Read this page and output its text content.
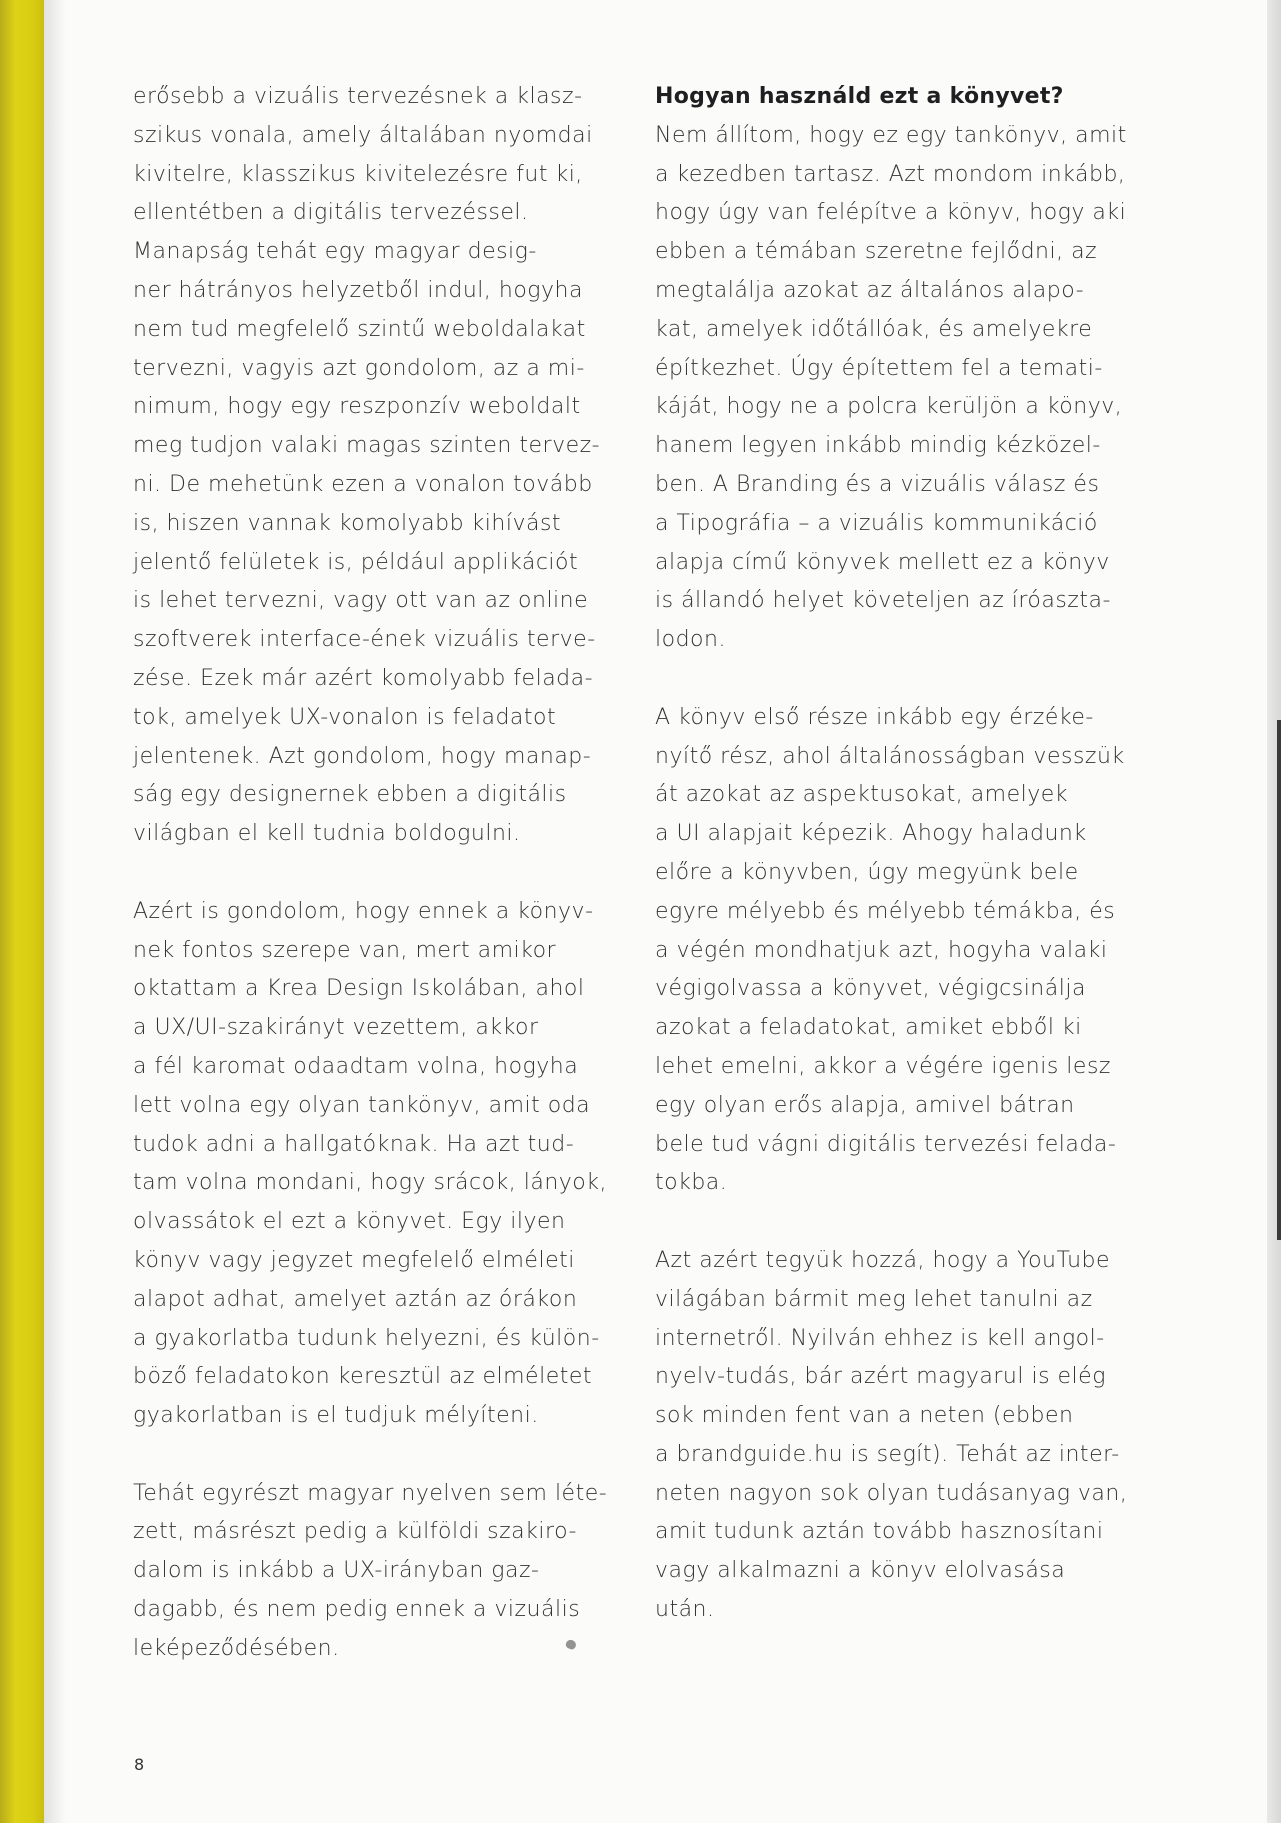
erősebb a vizuális tervezésnek a klasz-
szikus vonala, amely általában nyomdai
kivitelre, klasszikus kivitelezésre fut ki,
ellentétben a digitális tervezéssel.
Manapság tehát egy magyar desig-
ner hátrányos helyzetből indul, hogyha
nem tud megfelelő szintű weboldalakat
tervezni, vagyis azt gondolom, az a mi-
nimum, hogy egy reszponzív weboldalt
meg tudjon valaki magas szinten tervez-
ni. De mehetünk ezen a vonalon tovább
is, hiszen vannak komolyabb kihívást
jelentő felületek is, például applikációt
is lehet tervezni, vagy ott van az online
szoftverek interface-ének vizuális terve-
zése. Ezek már azért komolyabb felada-
tok, amelyek UX-vonalon is feladatot
jelentenek. Azt gondolom, hogy manap-
ság egy designernek ebben a digitális
világban el kell tudnia boldogulni.
Azért is gondolom, hogy ennek a könyv-
nek fontos szerepe van, mert amikor
oktattam a Krea Design Iskolában, ahol
a UX/UI-szakirányt vezettem, akkor
a fél karomat odaadtam volna, hogyha
lett volna egy olyan tankönyv, amit oda
tudok adni a hallgatóknak. Ha azt tud-
tam volna mondani, hogy srácok, lányok,
olvassátok el ezt a könyvet. Egy ilyen
könyv vagy jegyzet megfelelő elméleti
alapot adhat, amelyet aztán az órákon
a gyakorlatba tudunk helyezni, és külön-
böző feladatokon keresztül az elméletet
gyakorlatban is el tudjuk mélyíteni.
Tehát egyrészt magyar nyelven sem léte-
zett, másrészt pedig a külföldi szakiro-
dalom is inkább a UX-irányban gaz-
dagabb, és nem pedig ennek a vizuális
leképeződésében.
Hogyan használd ezt a könyvet?
Nem állítom, hogy ez egy tankönyv, amit
a kezedben tartasz. Azt mondom inkább,
hogy úgy van felépítve a könyv, hogy aki
ebben a témában szeretne fejlődni, az
megtalálja azokat az általános alapo-
kat, amelyek időtállóak, és amelyekre
építkezhet. Úgy építettem fel a temati-
káját, hogy ne a polcra kerüljön a könyv,
hanem legyen inkább mindig kézközel-
ben. A Branding és a vizuális válasz és
a Tipográfia – a vizuális kommunikáció
alapja című könyvek mellett ez a könyv
is állandó helyet követeljen az íróaszta-
lodon.
A könyv első része inkább egy érzéke-
nyítő rész, ahol általánosságban vesszük
át azokat az aspektusokat, amelyek
a UI alapjait képezik. Ahogy haladunk
előre a könyvben, úgy megyünk bele
egyre mélyebb és mélyebb témákba, és
a végén mondhatjuk azt, hogyha valaki
végigolvassa a könyvet, végigcsinálja
azokat a feladatokat, amiket ebből ki
lehet emelni, akkor a végére igenis lesz
egy olyan erős alapja, amivel bátran
bele tud vágni digitális tervezési felada-
tokba.
Azt azért tegyük hozzá, hogy a YouTube
világában bármit meg lehet tanulni az
internetről. Nyilván ehhez is kell angol-
nyelv-tudás, bár azért magyarul is elég
sok minden fent van a neten (ebben
a brandguide.hu is segít). Tehát az inter-
neten nagyon sok olyan tudásanyag van,
amit tudunk aztán tovább hasznosítani
vagy alkalmazni a könyv elolvasása
után.
8
